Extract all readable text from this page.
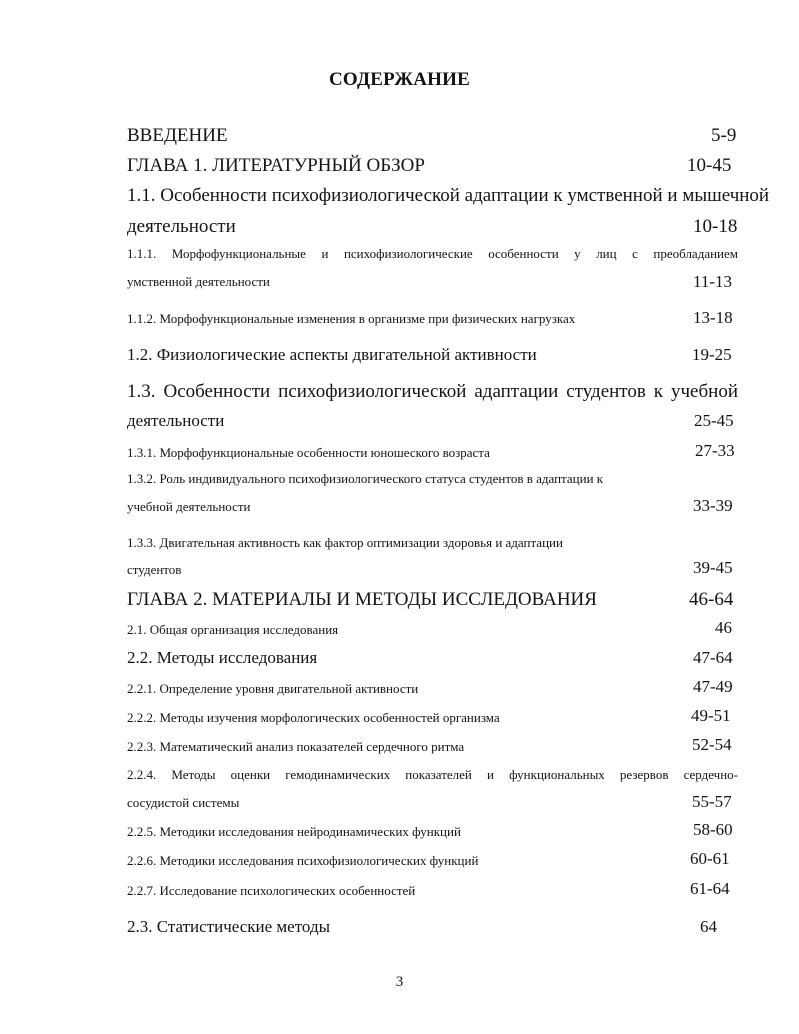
СОДЕРЖАНИЕ
ВВЕДЕНИЕ	5-9
ГЛАВА 1. ЛИТЕРАТУРНЫЙ ОБЗОР	10-45
1.1. Особенности психофизиологической адаптации к умственной и мышечной
деятельности	10-18
1.1.1. Морфофункциональные и психофизиологические особенности у лиц с преобладанием
умственной деятельности	11-13
1.1.2. Морфофункциональные изменения в организме при физических нагрузках	13-18
1.2. Физиологические аспекты двигательной активности	19-25
1.3. Особенности психофизиологической адаптации студентов к учебной
деятельности	25-45
1.3.1. Морфофункциональные особенности юношеского возраста	27-33
1.3.2. Роль индивидуального психофизиологического статуса студентов в адаптации к
учебной деятельности	33-39
1.3.3. Двигательная активность как фактор оптимизации здоровья и адаптации
студентов	39-45
ГЛАВА 2. МАТЕРИАЛЫ И МЕТОДЫ ИССЛЕДОВАНИЯ	46-64
2.1. Общая организация исследования	46
2.2. Методы исследования	47-64
2.2.1. Определение уровня двигательной активности	47-49
2.2.2. Методы изучения морфологических особенностей организма	49-51
2.2.3. Математический анализ показателей сердечного ритма	52-54
2.2.4. Методы оценки гемодинамических показателей и функциональных резервов сердечно-
сосудистой системы	55-57
2.2.5. Методики исследования нейродинамических функций	58-60
2.2.6. Методики исследования психофизиологических функций	60-61
2.2.7. Исследование психологических особенностей	61-64
2.3. Статистические методы	64
3
